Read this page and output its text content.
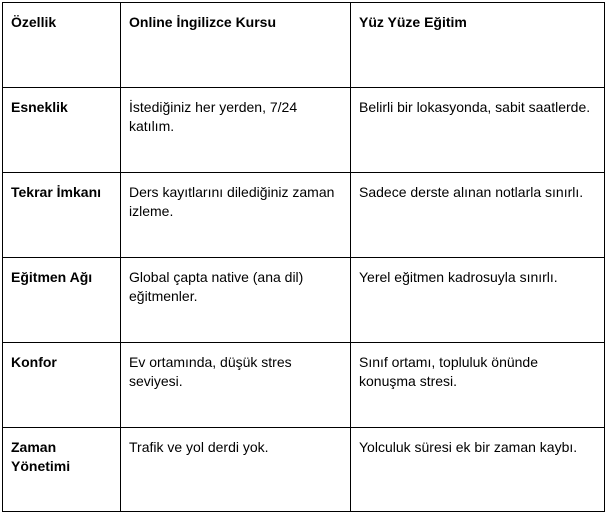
Özellik	Online İngilizce Kursu	Yüz Yüze Eğitim
Esneklik	İstediğiniz her yerden, 7/24 katılım.	Belirli bir lokasyonda, sabit saatlerde.
Tekrar İmkanı	Ders kayıtlarını dilediğiniz zaman izleme.	Sadece derste alınan notlarla sınırlı.
Eğitmen Ağı	Global çapta native (ana dil) eğitmenler.	Yerel eğitmen kadrosuyla sınırlı.
Konfor	Ev ortamında, düşük stres seviyesi.	Sınıf ortamı, topluluk önünde konuşma stresi.
Zaman Yönetimi	Trafik ve yol derdi yok.	Yolculuk süresi ek bir zaman kaybı.
